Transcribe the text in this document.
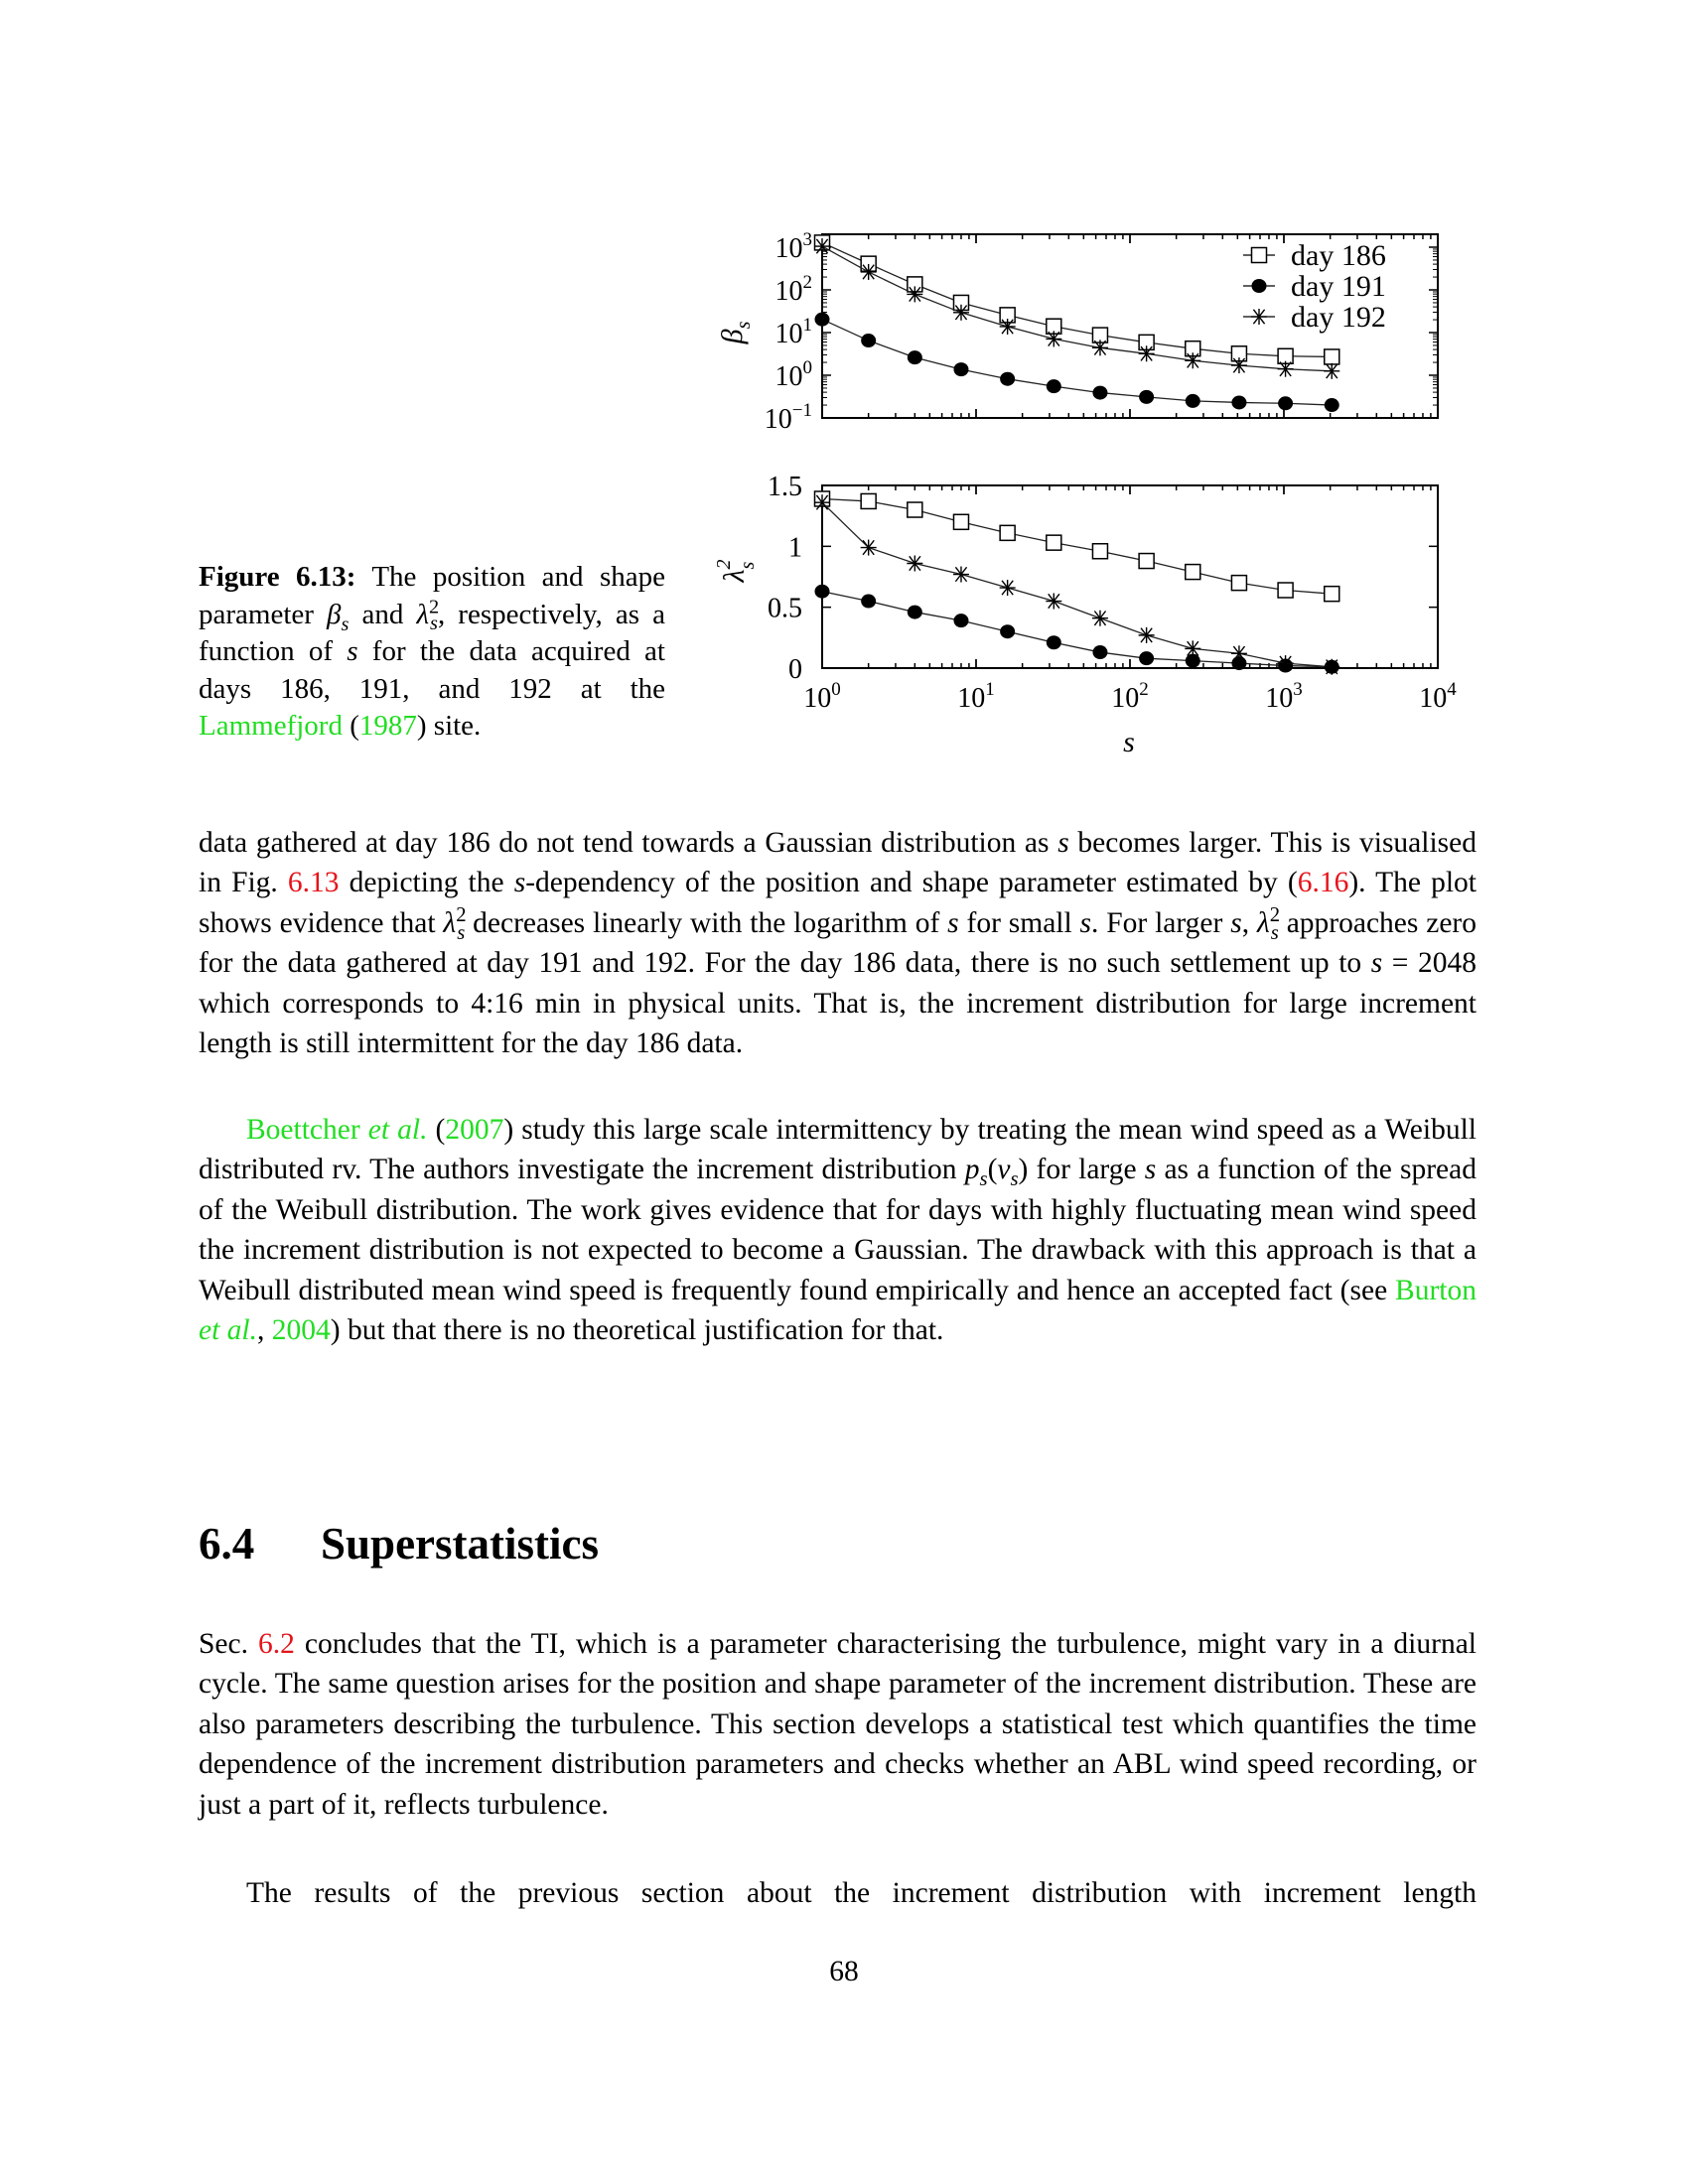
$10^{-1}$
$10^0$
$10^1$
$10^2$
$10^3$
$\beta_s$
day 186
day 191
day 192
0
0.5
1
1.5
$10^0$	$10^1$	$10^2$	$10^3$	$10^4$
$\lambda^2$ s
s
Figure 6.13: The position and shape parameter $\beta_s$ and $\lambda^2_s$, respectively, as a function of s for the data acquired at days 186, 191, and 192 at the Lammefjord (1987) site.
data gathered at day 186 do not tend towards a Gaussian distribution as s becomes larger. This is visualised in Fig. 6.13 depicting the s-dependency of the position and shape parameter estimated by (6.16). The plot shows evidence that $\lambda^2_s$ decreases linearly with the logarithm of s for small s. For larger s, $\lambda^2_s$ approaches zero for the data gathered at day 191 and 192. For the day 186 data, there is no such settlement up to s = 2048 which corresponds to 4:16 min in physical units. That is, the increment distribution for large increment length is still intermittent for the day 186 data.
Boettcher et al. (2007) study this large scale intermittency by treating the mean wind speed as a Weibull distributed rv. The authors investigate the increment distribution $p_s(v_s)$ for large s as a function of the spread of the Weibull distribution. The work gives evidence that for days with highly fluctuating mean wind speed the increment distribution is not expected to become a Gaussian. The drawback with this approach is that a Weibull distributed mean wind speed is frequently found empirically and hence an accepted fact (see Burton et al., 2004) but that there is no theoretical justification for that.
6.4 Superstatistics
Sec. 6.2 concludes that the TI, which is a parameter characterising the turbulence, might vary in a diurnal cycle. The same question arises for the position and shape parameter of the increment distribution. These are also parameters describing the turbulence. This section develops a statistical test which quantifies the time dependence of the increment distribution parameters and checks whether an ABL wind speed recording, or just a part of it, reflects turbulence.
The results of the previous section about the increment distribution with increment length
68
